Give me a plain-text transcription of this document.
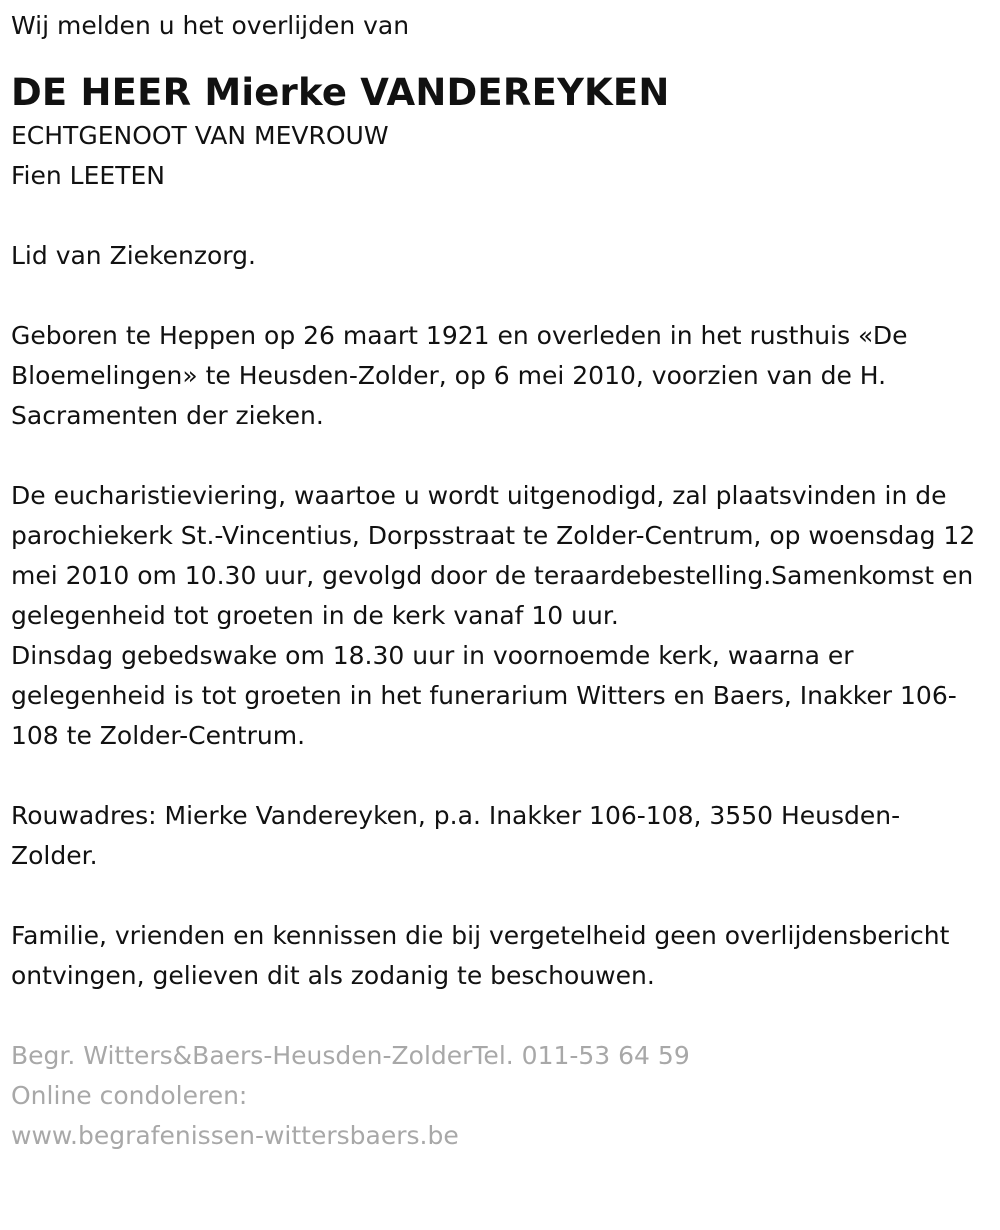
Wij melden u het overlijden van

DE HEER Mierke VANDEREYKEN

ECHTGENOOT VAN MEVROUW

Fien LEETEN

Lid van Ziekenzorg.

Geboren te Heppen op 26 maart 1921 en overleden in het rusthuis «De Bloemelingen» te Heusden-Zolder, op 6 mei 2010, voorzien van de H. Sacramenten der zieken.

De eucharistieviering, waartoe u wordt uitgenodigd, zal plaatsvinden in de parochiekerk St.-Vincentius, Dorpsstraat te Zolder-Centrum, op woensdag 12 mei 2010 om 10.30 uur, gevolgd door de teraardebestelling.Samenkomst en gelegenheid tot groeten in de kerk vanaf 10 uur.

Dinsdag gebedswake om 18.30 uur in voornoemde kerk, waarna er gelegenheid is tot groeten in het funerarium Witters en Baers, Inakker 106-108 te Zolder-Centrum.

Rouwadres: Mierke Vandereyken, p.a. Inakker 106-108, 3550 Heusden-Zolder.

Familie, vrienden en kennissen die bij vergetelheid geen overlijdensbericht ontvingen, gelieven dit als zodanig te beschouwen.

Begr. Witters&Baers-Heusden-ZolderTel. 011-53 64 59

Online condoleren:

www.begrafenissen-wittersbaers.be
